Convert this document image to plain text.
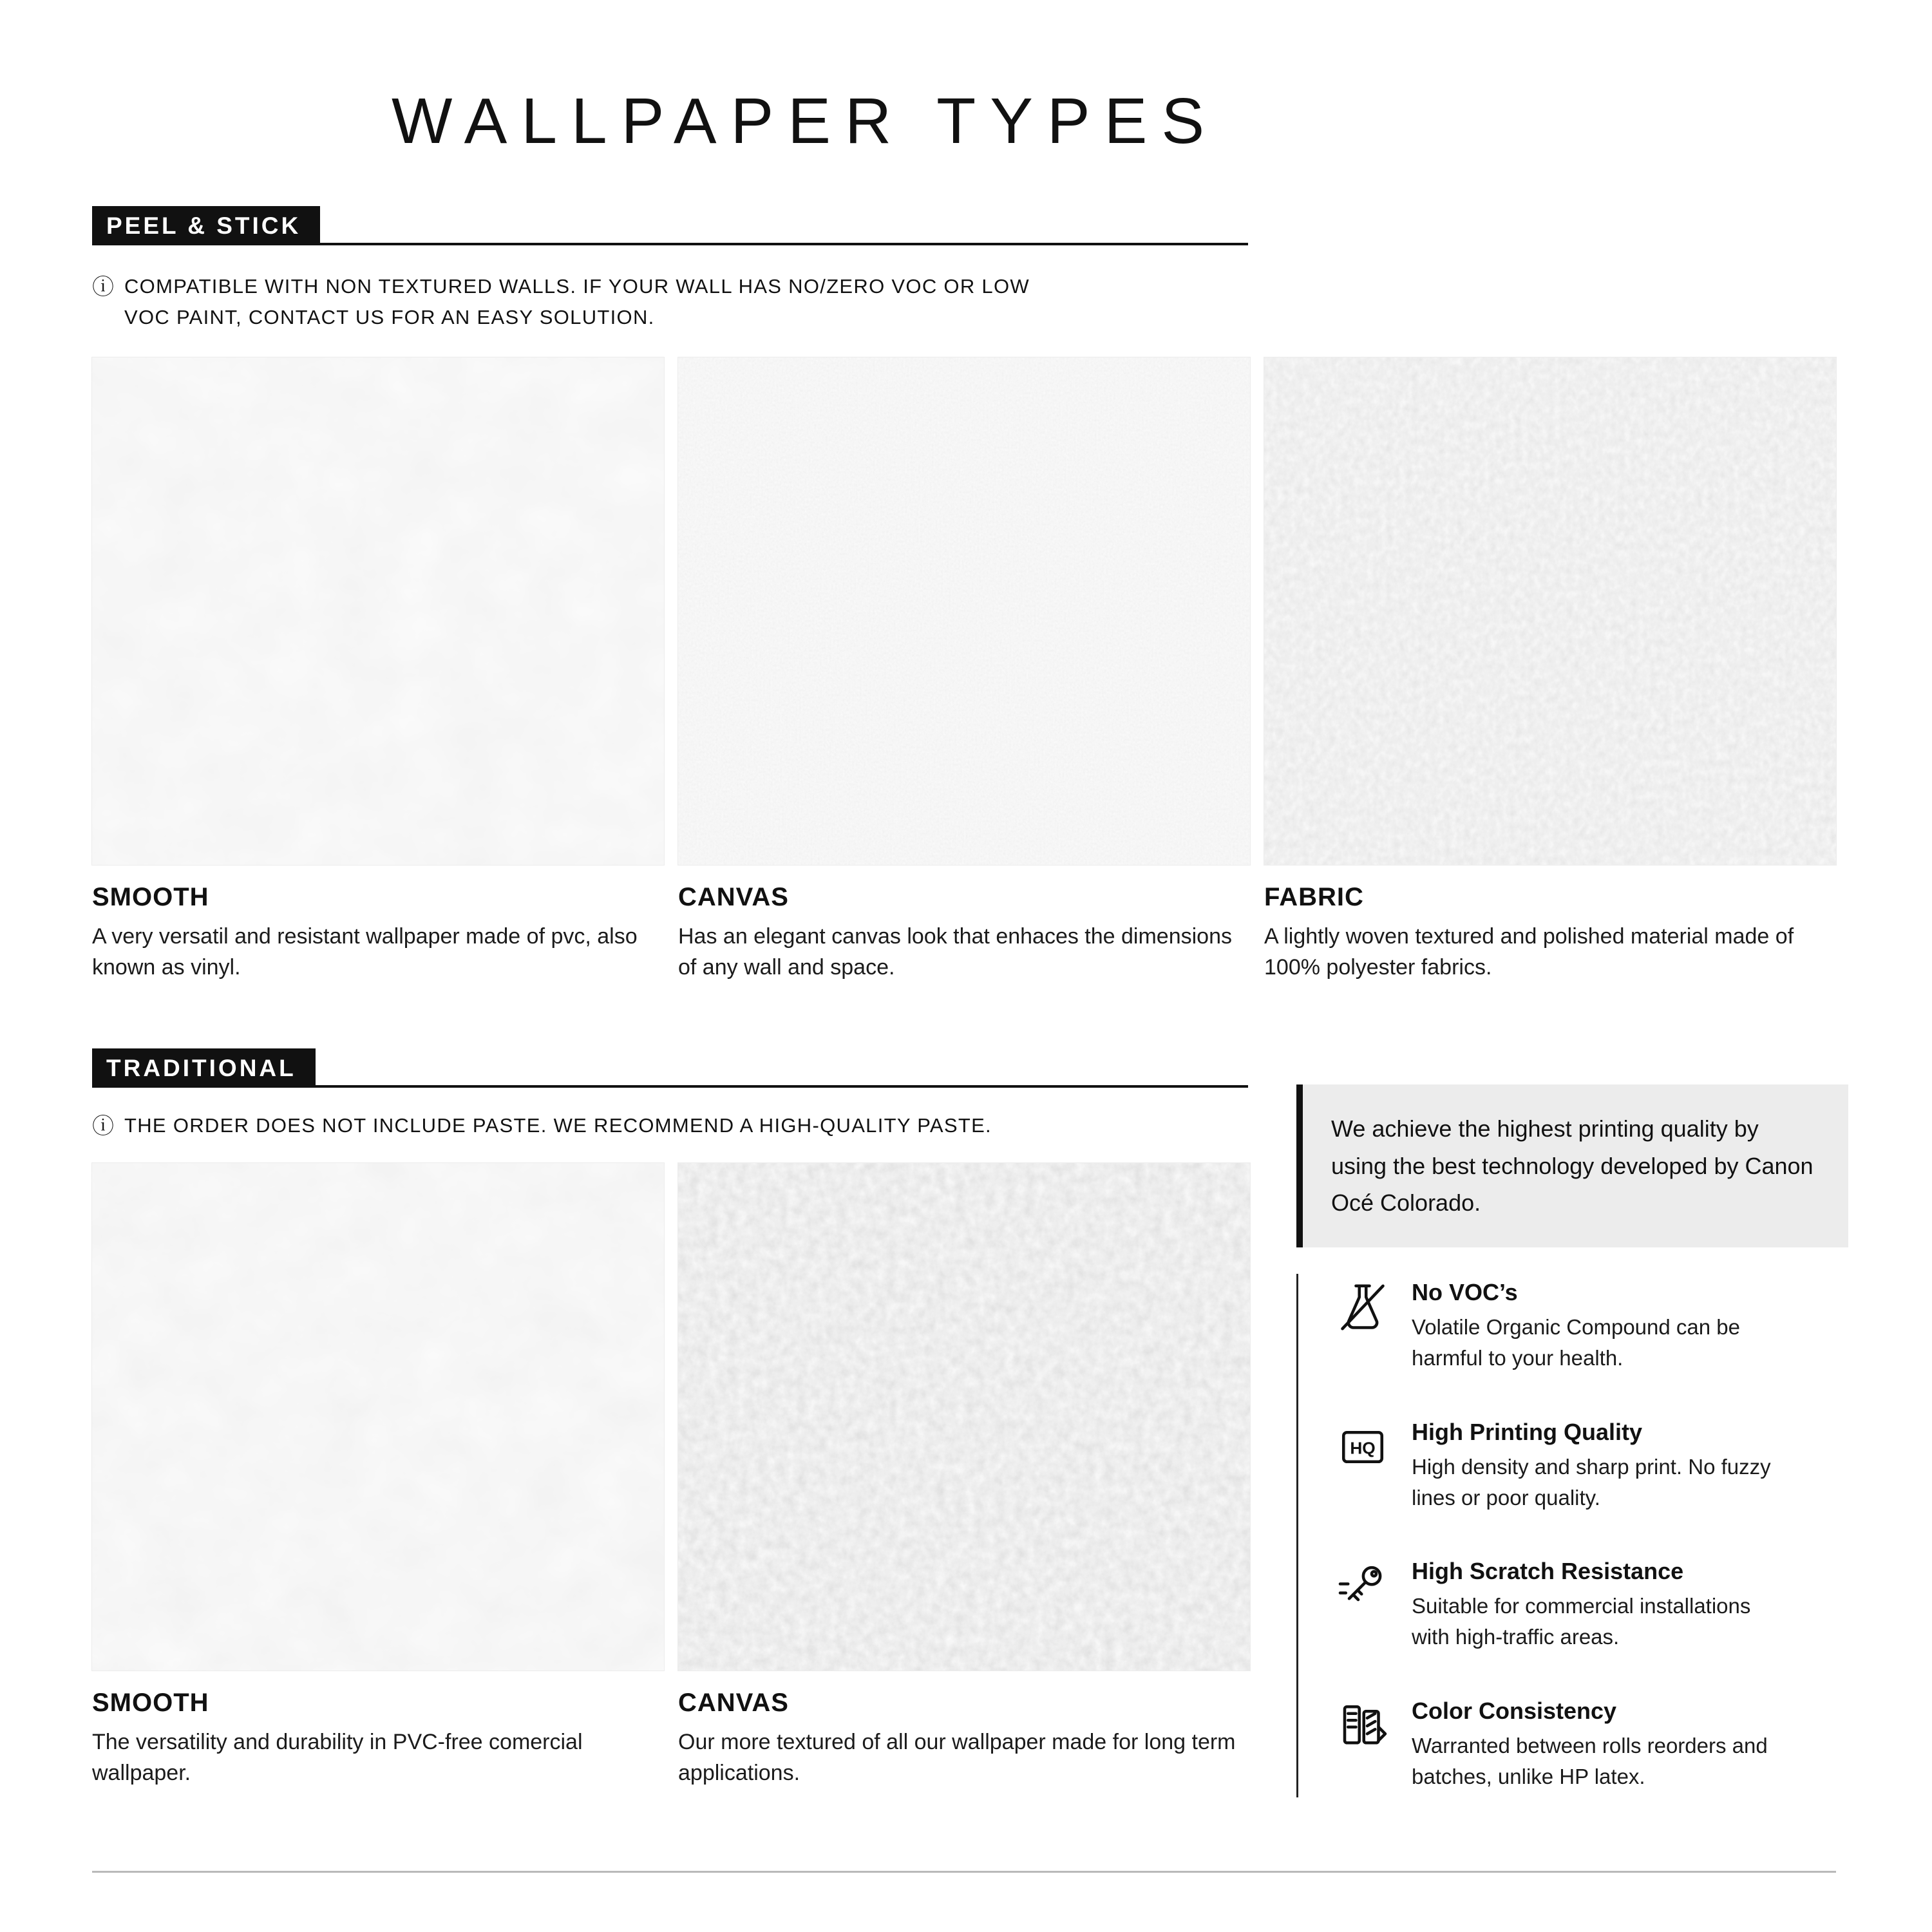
WALLPAPER TYPES
PEEL & STICK
ⓘ COMPATIBLE WITH NON TEXTURED WALLS. IF YOUR WALL HAS NO/ZERO VOC OR LOW VOC PAINT, CONTACT US FOR AN EASY SOLUTION.

SMOOTH

A very versatil and resistant wallpaper made of pvc, also known as vinyl.

CANVAS

Has an elegant canvas look that enhaces the dimensions of any wall and space.

FABRIC

A lightly woven textured and polished material made of 100% polyester fabrics.

TRADITIONAL
ⓘ THE ORDER DOES NOT INCLUDE PASTE. WE RECOMMEND A HIGH-QUALITY PASTE.

SMOOTH

The versatility and durability in PVC-free comercial wallpaper.

CANVAS

Our more textured of all our wallpaper made for long term applications.

We achieve the highest printing quality by using the best technology developed by Canon Océ Colorado.

No VOC’s

Volatile Organic Compound can be harmful to your health.

HQ
High Printing Quality

High density and sharp print. No fuzzy lines or poor quality.

High Scratch Resistance

Suitable for commercial installations with high-traffic areas.

Color Consistency

Warranted between rolls reorders and batches, unlike HP latex.
